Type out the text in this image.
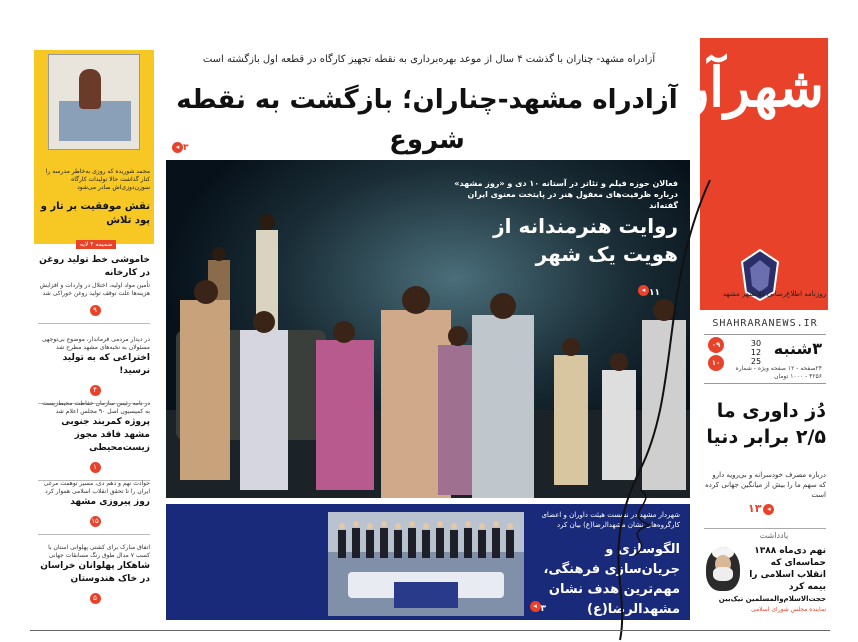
شهرآرا
روزنامه اطلاع‌رسانی کلانشهر مشهد
SHAHRARANEWS.IR
۳شنبه
30
12
25
۰۹
۱۰
۲۴صفحه - ۱۲ صفحه ویژه - شماره ۴۲۵۶ - ۱۰۰۰ تومان
دُز داوری ما ۲/۵ برابر دنیا
درباره مصرف خودسرانه و بی‌رویه دارو که سهم ما را بیش از میانگین جهانی کرده است
◂۱۳
یادداشت
نهم دی‌ماه ۱۳۸۸ حماسه‌ای که انقلاب اسلامی را بیمه کرد
حجت‌الاسلام‌والمسلمین نیک‌بین
نماینده مجلس شورای اسلامی
آزادراه مشهد- چناران با گذشت ۴ سال از موعد بهره‌برداری به نقطه تجهیز کارگاه در قطعه اول بازگشته است
آزادراه مشهد-چناران؛ بازگشت به نقطه شروع
◂ ۳
فعالان حوزه فیلم و تئاتر در آستانه ۱۰ دی و «روز مشهد» درباره ظرفیت‌های مغفول هنر در پایتخت معنوی ایران گفته‌اند
روایت هنرمندانه از هویت یک شهر
◂ ۱۱
شهردار مشهد در نشست هیئت داوران و اعضای کارگروه‌های نشان مشهدالرضا(ع) بیان کرد
الگوسازی و جریان‌سازی فرهنگی، مهم‌ترین هدف نشان مشهدالرضا(ع)
◂ ۳
محمد شوریده که روزی به‌خاطر مدرسه را کنار گذاشت حالا تولیدات کارگاه سوزن‌دوزی‌اش صادر می‌شود
نقش موفقیت بر تار و پود تلاش
ضمیمه ۴ لایه
خاموشی خط تولید روغن در کارخانه
تأمین مواد اولیه، اختلال در واردات و افزایش هزینه‌ها علت توقف تولید روغن خوراکی شد
۹
در دیدار مردمی فرماندار، موضوع بی‌توجهی مسئولان به نخبه‌های مشهد مطرح شد
اختراعی که به تولید نرسید!
۴
در نامه رئیس سازمان حفاظت محیط‌زیست به کمیسیون اصل ۹۰ مجلس اعلام شد
پروژه کمربند جنوبی مشهد فاقد مجوز زیست‌محیطی
۱
حوادث نهم و دهم دی، مسیر توهمت مرغی ایران را تا تحقق انقلاب اسلامی هموار کرد
روز پیروزی مشهد
۱۵
اتفاق مبارک برای کشتی پهلوانی استان با کسب ۷ مدال طوق رنگ مسابقات جهانی
شاهکار پهلوانان خراسان در خاک هندوستان
۵
